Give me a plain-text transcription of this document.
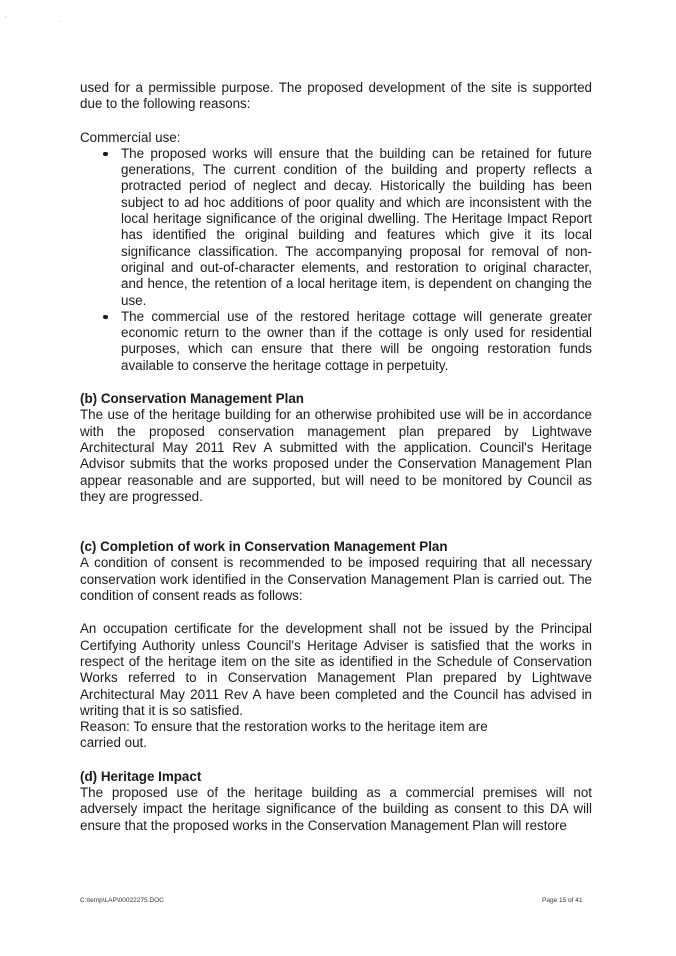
'	.

used for a permissible purpose. The proposed development of the site is supported due to the following reasons:

Commercial use:

The proposed works will ensure that the building can be retained for future generations, The current condition of the building and property reflects a protracted period of neglect and decay. Historically the building has been subject to ad hoc additions of poor quality and which are inconsistent with the local heritage significance of the original dwelling. The Heritage Impact Report has identified the original building and features which give it its local significance classification. The accompanying proposal for removal of non-original and out-of-character elements, and restoration to original character, and hence, the retention of a local heritage item, is dependent on changing the use.
The commercial use of the restored heritage cottage will generate greater economic return to the owner than if the cottage is only used for residential purposes, which can ensure that there will be ongoing restoration funds available to conserve the heritage cottage in perpetuity.

(b) Conservation Management Plan

The use of the heritage building for an otherwise prohibited use will be in accordance with the proposed conservation management plan prepared by Lightwave Architectural May 2011 Rev A submitted with the application. Council's Heritage Advisor submits that the works proposed under the Conservation Management Plan appear reasonable and are supported, but will need to be monitored by Council as they are progressed.

(c) Completion of work in Conservation Management Plan

A condition of consent is recommended to be imposed requiring that all necessary conservation work identified in the Conservation Management Plan is carried out. The condition of consent reads as follows:

An occupation certificate for the development shall not be issued by the Principal Certifying Authority unless Council's Heritage Adviser is satisfied that the works in respect of the heritage item on the site as identified in the Schedule of Conservation Works referred to in Conservation Management Plan prepared by Lightwave Architectural May 2011 Rev A have been completed and the Council has advised in writing that it is so satisfied.

Reason: To ensure that the restoration works to the heritage item are

carried out.

(d) Heritage Impact

The proposed use of the heritage building as a commercial premises will not adversely impact the heritage significance of the building as consent to this DA will ensure that the proposed works in the Conservation Management Plan will restore

C:\temp\LAP\00022275.DOC	Page 15 of 41
